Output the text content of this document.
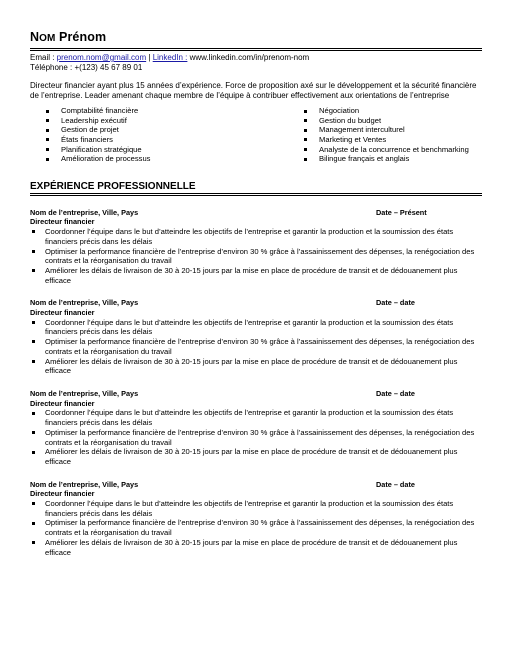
NOM Prénom
Email : prenom.nom@gmail.com | LinkedIn : www.linkedin.com/in/prenom-nom
Téléphone : +(123) 45 67 89 01
Directeur financier ayant plus 15 années d’expérience. Force de proposition axé sur le développement et la sécurité financière de l’entreprise. Leader amenant chaque membre de l’équipe à contribuer effectivement aux orientations de l’entreprise
Comptabilité financière
Leadership exécutif
Gestion de projet
États financiers
Planification stratégique
Amélioration de processus
Négociation
Gestion du budget
Management interculturel
Marketing et Ventes
Analyste de la concurrence et benchmarking
Bilingue français et anglais
EXPÉRIENCE PROFESSIONNELLE
Nom de l’entreprise, Ville, Pays	Date – Présent
Directeur financier
Coordonner l’équipe dans le but d’atteindre les objectifs de l’entreprise et garantir la production et la soumission des états financiers précis dans les délais
Optimiser la performance financière de l’entreprise d’environ 30 % grâce à l’assainissement des dépenses, la renégociation des contrats et la réorganisation du travail
Améliorer les délais de livraison de 30 à 20-15 jours par la mise en place de procédure de transit et de dédouanement plus efficace
Nom de l’entreprise, Ville, Pays	Date – date
Directeur financier
Coordonner l’équipe dans le but d’atteindre les objectifs de l’entreprise et garantir la production et la soumission des états financiers précis dans les délais
Optimiser la performance financière de l’entreprise d’environ 30 % grâce à l’assainissement des dépenses, la renégociation des contrats et la réorganisation du travail
Améliorer les délais de livraison de 30 à 20-15 jours par la mise en place de procédure de transit et de dédouanement plus efficace
Nom de l’entreprise, Ville, Pays	Date – date
Directeur financier
Coordonner l’équipe dans le but d’atteindre les objectifs de l’entreprise et garantir la production et la soumission des états financiers précis dans les délais
Optimiser la performance financière de l’entreprise d’environ 30 % grâce à l’assainissement des dépenses, la renégociation des contrats et la réorganisation du travail
Améliorer les délais de livraison de 30 à 20-15 jours par la mise en place de procédure de transit et de dédouanement plus efficace
Nom de l’entreprise, Ville, Pays	Date – date
Directeur financier
Coordonner l’équipe dans le but d’atteindre les objectifs de l’entreprise et garantir la production et la soumission des états financiers précis dans les délais
Optimiser la performance financière de l’entreprise d’environ 30 % grâce à l’assainissement des dépenses, la renégociation des contrats et la réorganisation du travail
Améliorer les délais de livraison de 30 à 20-15 jours par la mise en place de procédure de transit et de dédouanement plus efficace
